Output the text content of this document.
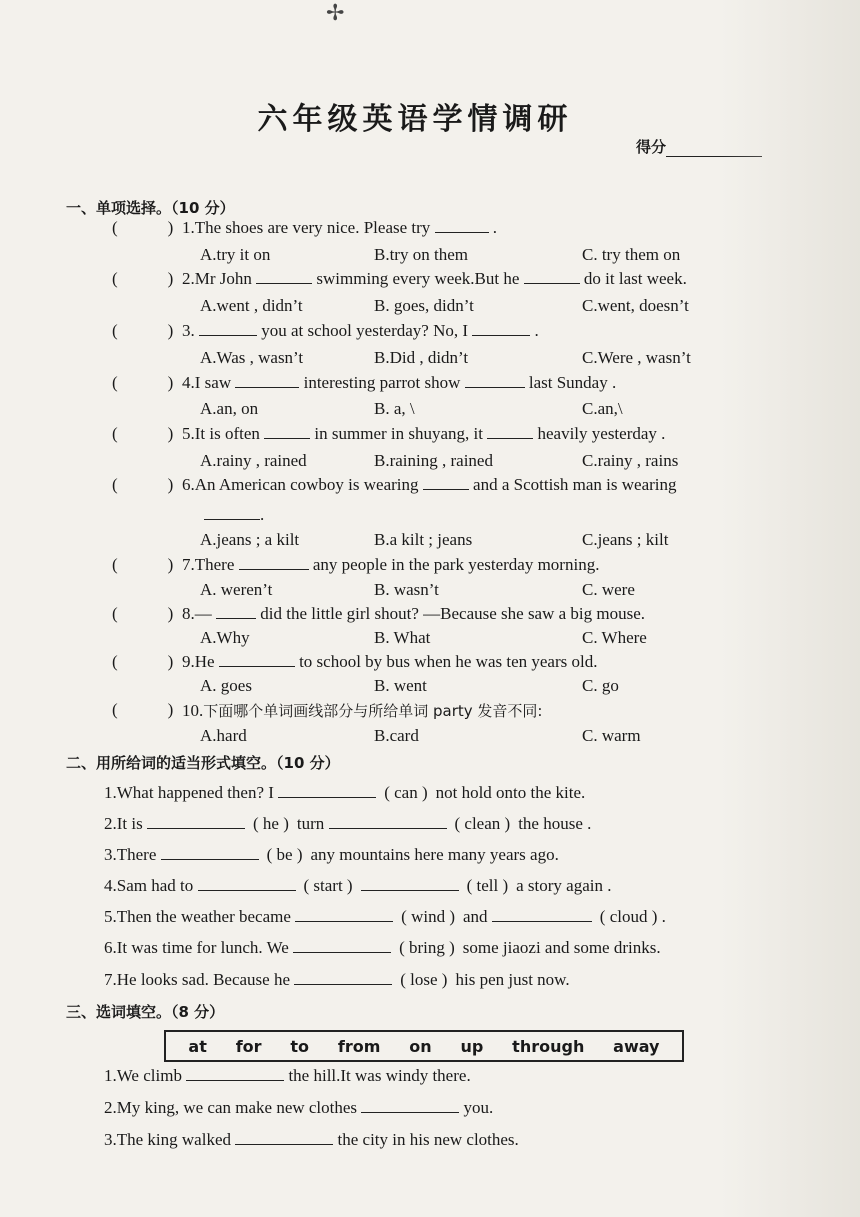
✢
六年级英语学情调研
得分
一、单项选择。（10 分）
(	) 1.The shoes are very nice. Please try	.
A.try it on	B.try on them	C. try them on
(	) 2.Mr John	swimming every week.But he	do it last week.
A.went , didn’t	B. goes, didn’t	C.went, doesn’t
(	) 3.	you at school yesterday? No, I	.
A.Was , wasn’t	B.Did , didn’t	C.Were , wasn’t
(	) 4.I saw	interesting parrot show	last Sunday .
A.an, on	B. a, \	C.an,\
(	) 5.It is often	in summer in shuyang, it	heavily yesterday .
A.rainy , rained	B.raining , rained	C.rainy , rains
(	) 6.An American cowboy is wearing	and a Scottish man is wearing
.
A.jeans ; a kilt	B.a kilt ; jeans	C.jeans ; kilt
(	) 7.There	any people in the park yesterday morning.
A. weren’t	B. wasn’t	C. were
(	) 8.—	did the little girl shout? —Because she saw a big mouse.
A.Why	B. What	C. Where
(	) 9.He	to school by bus when he was ten years old.
A. goes	B. went	C. go
(	) 10.下面哪个单词画线部分与所给单词 party 发音不同:
A.hard	B.card	C. warm
二、用所给词的适当形式填空。（10 分）
1.What happened then? I	( can ) not hold onto the kite.
2.It is	( he ) turn	( clean ) the house .
3.There	( be ) any mountains here many years ago.
4.Sam had to	( start )	( tell ) a story again .
5.Then the weather became	( wind ) and	( cloud ) .
6.It was time for lunch. We	( bring ) some jiaozi and some drinks.
7.He looks sad. Because he	( lose ) his pen just now.
三、选词填空。（8 分）
at for to from on up through away
1.We climb	the hill.It was windy there.
2.My king, we can make new clothes	you.
3.The king walked	the city in his new clothes.
